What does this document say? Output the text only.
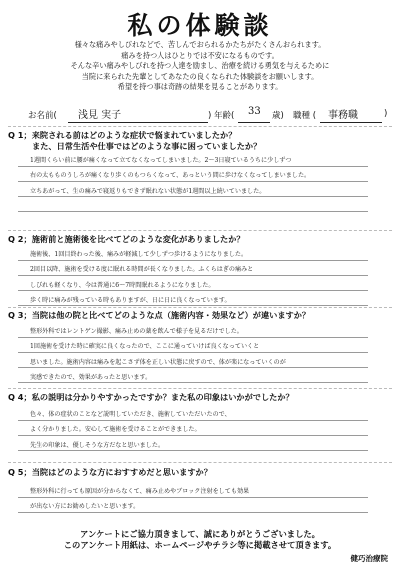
私の体験談
様々な痛みやしびれなどで、苦しんでおられるかたちがたくさんおられます。
痛みを持つ人はひとりでは不安になるものです。
そんな辛い痛みやしびれを持つ人達を励まし、治療を続ける勇気を与えるために
当院に来られた先輩としてあなたの良くなられた体験談をお願いします。
希望を持つ事は奇跡の結果を見ることがあります。
お名前( 浅見 実子	) 年齢( 33 歳) 職種 ( 事務職	)
Q 1；来院される前はどのような症状で悩まれていましたか？
また、日常生活や仕事ではどのような事に困っていましたか？
1週間くらい前に腰が痛くなって立てなくなってしまいました。2～3日寝ているうちに少しずつ
右の太もものうしろが痛くなり歩くのもつらくなって、あっという間に歩けなくなってしまいました。
立ちあがって、生の痛みで寝返りもできず眠れない状態が1週間以上続いていました。
Q 2；施術前と施術後を比べてどのような変化がありましたか？
施術後、1回目終わった後、痛みが軽減して少しずつ歩けるようになりました。
2回目以降、施術を受ける度に眠れる時間が長くなりました。ふくらはぎの痛みと
しびれも軽くなり、今は普通に6～7時間眠れるようになりました。
歩く時に痛みが残っている時もありますが、日に日に良くなっています。
Q 3；当院は他の院と比べてどのような点（施術内容・効果など）が違いますか？
整形外科ではレントゲン撮影、痛み止めの薬を飲んで様子を見るだけでした。
1回施術を受けた時に確実に良くなったので、ここに通っていけば良くなっていくと
思いました。施術内容は痛みを起こさず体を正しい状態に戻すので、体が楽になっていくのが
実感できたので、効果があったと思います。
Q 4；私の説明は分かりやすかったですか？また私の印象はいかがでしたか？
色々、体の症状のことなど説明していただき、施術していただいたので、
よく分かりました。安心して施術を受けることができました。
先生の印象は、優しそうな方だなと思いました。
Q 5；当院はどのような方におすすめだと思いますか？
整形外科に行っても原因が分からなくて、痛み止めやブロック注射をしても効果
が出ない方にお勧めしたいと思います。
アンケートにご協力頂きまして、誠にありがとうございました。
このアンケート用紙は、ホームページやチラシ等に掲載させて頂きます。
健巧治療院
